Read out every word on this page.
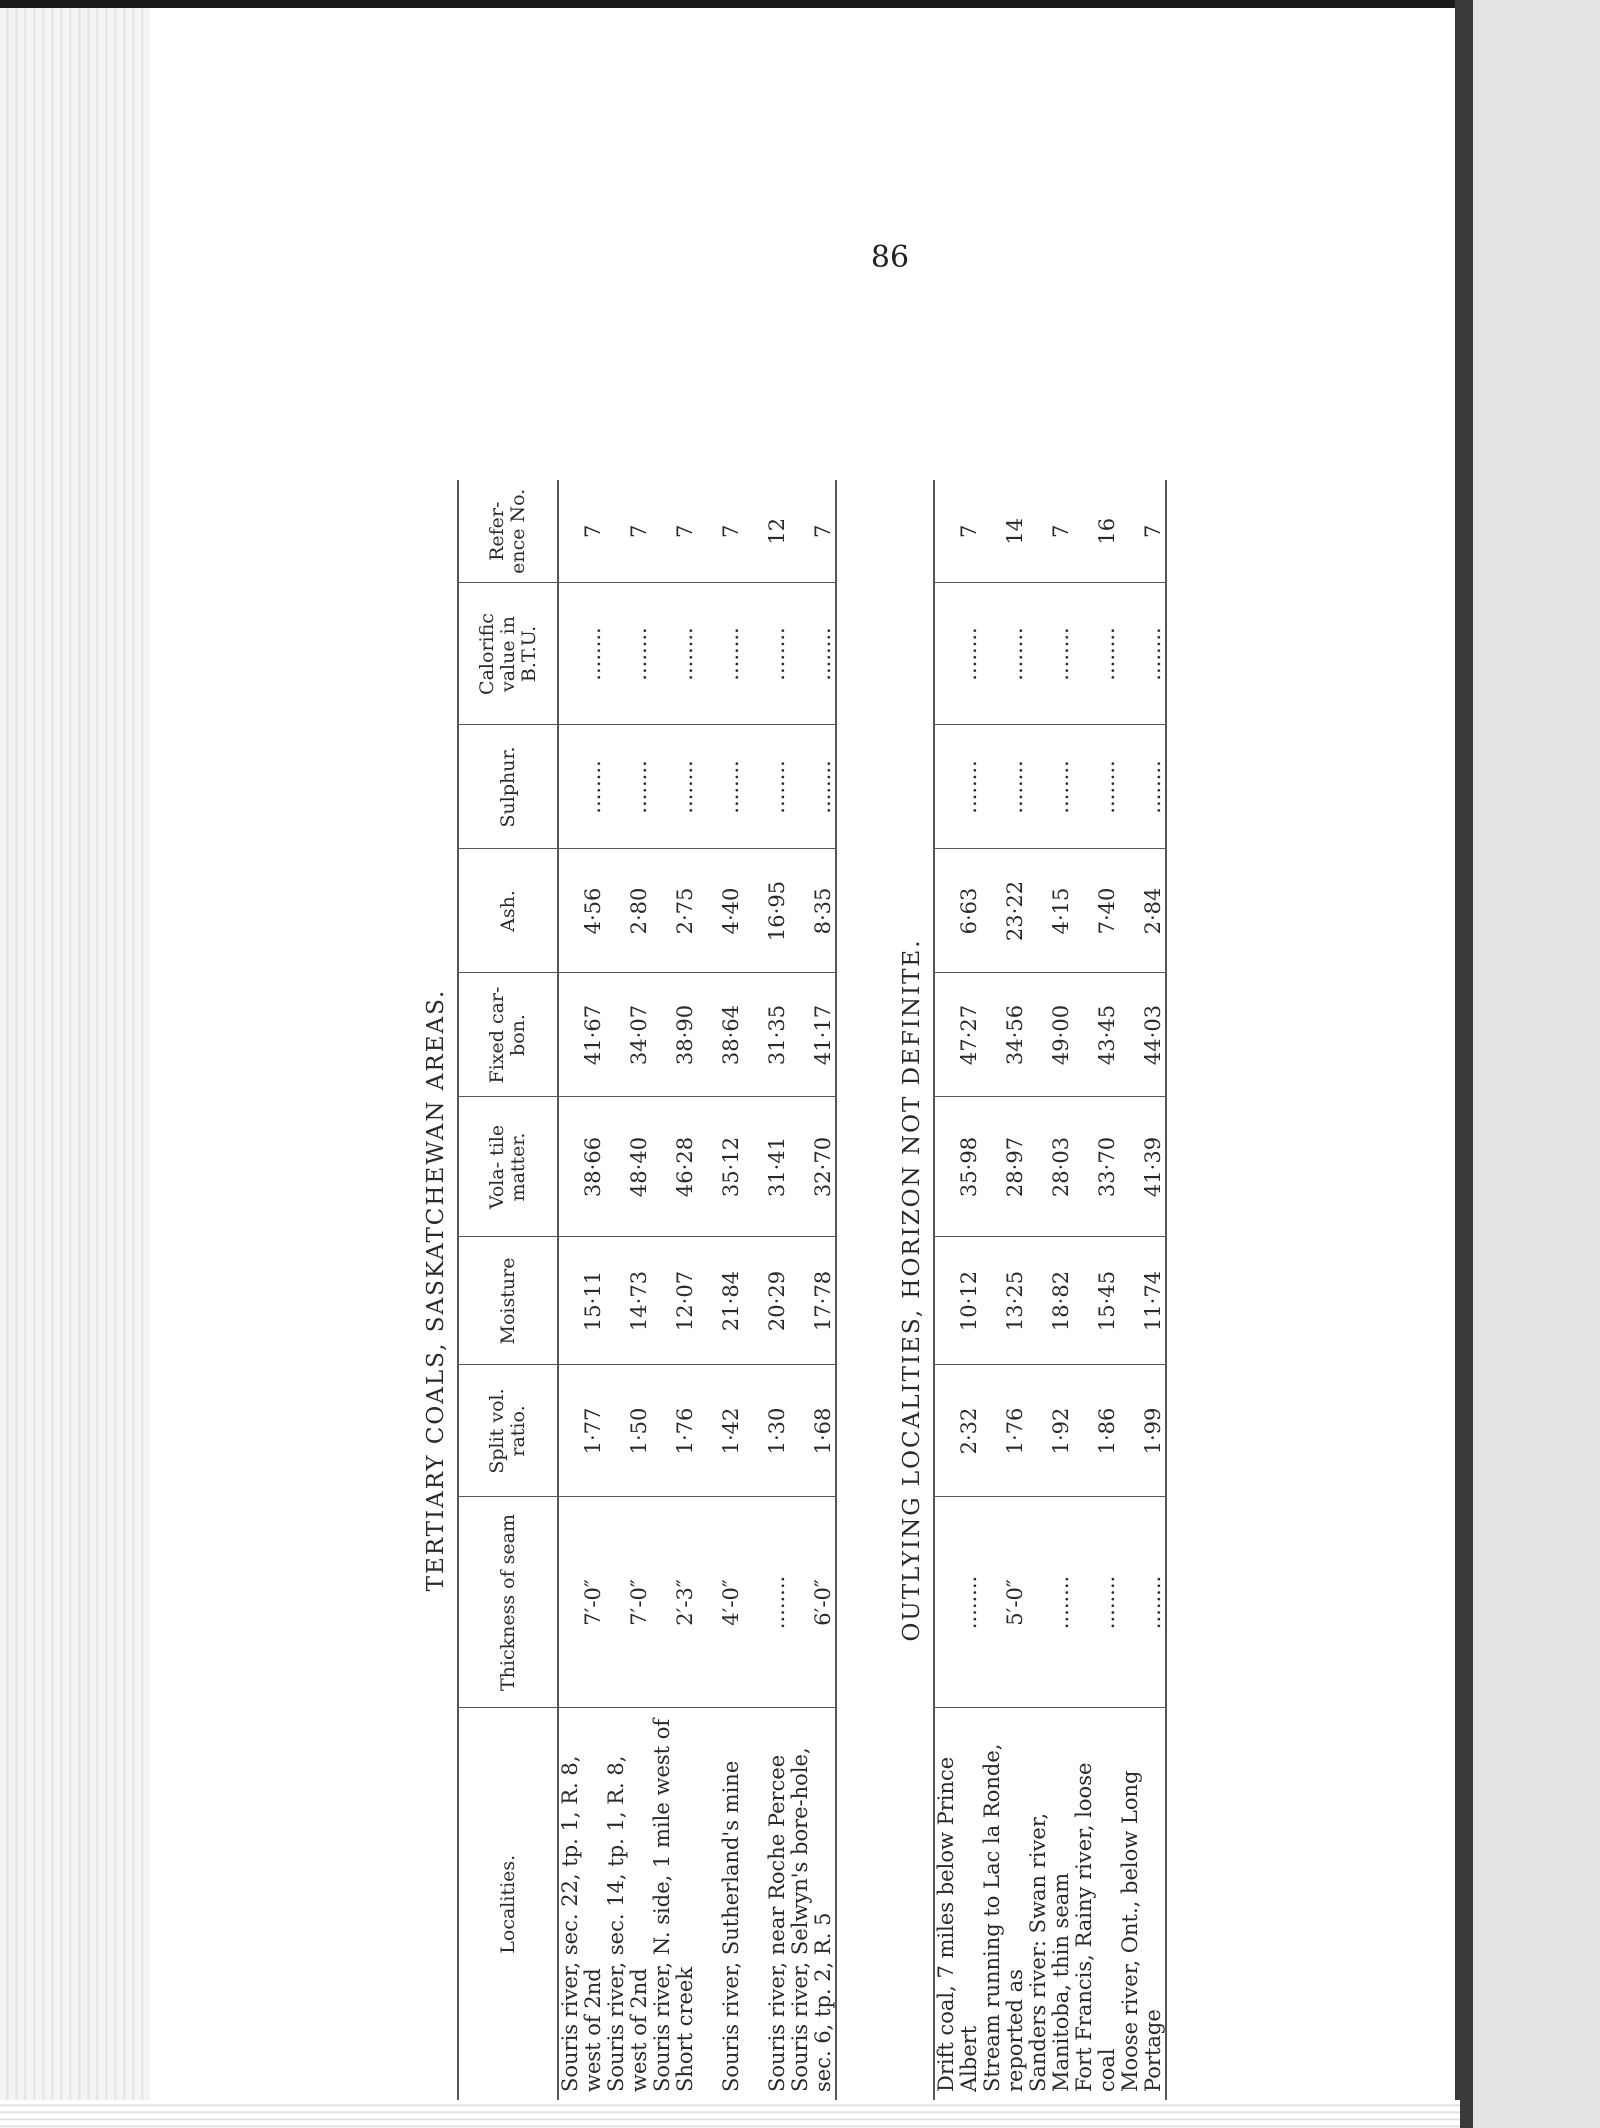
86
TERTIARY COALS, SASKATCHEWAN AREAS.
Localities.	Thickness of seam	Split vol. ratio.	Moisture	Vola- tile matter.	Fixed car- bon.	Ash.	Sulphur.	Calorific value in B.T.U.	Refer- ence No.
Souris river, sec. 22, tp. 1, R. 8, west of 2nd	7′-0″	1·77	15·11	38·66	41·67	4·56	........	........	7
Souris river, sec. 14, tp. 1, R. 8, west of 2nd	7′-0″	1·50	14·73	48·40	34·07	2·80	........	........	7
Souris river, N. side, 1 mile west of Short creek	2′-3″	1·76	12·07	46·28	38·90	2·75	........	........	7
Souris river, Sutherland's mine	4′-0″	1·42	21·84	35·12	38·64	4·40	........	........	7
Souris river, near Roche Percee	........	1·30	20·29	31·41	31·35	16·95	........	........	12
Souris river, Selwyn's bore-hole, sec. 6, tp. 2, R. 5	6′-0″	1·68	17·78	32·70	41·17	8·35	........	........	7
OUTLYING LOCALITIES, HORIZON NOT DEFINITE.
Drift coal, 7 miles below Prince Albert	........	2·32	10·12	35·98	47·27	6·63	........	........	7
Stream running to Lac la Ronde, reported as	5′-0″	1·76	13·25	28·97	34·56	23·22	........	........	14
Sanders river: Swan river, Manitoba, thin seam	........	1·92	18·82	28·03	49·00	4·15	........	........	7
Fort Francis, Rainy river, loose coal	........	1·86	15·45	33·70	43·45	7·40	........	........	16
Moose river, Ont., below Long Portage	........	1·99	11·74	41·39	44·03	2·84	........	........	7
